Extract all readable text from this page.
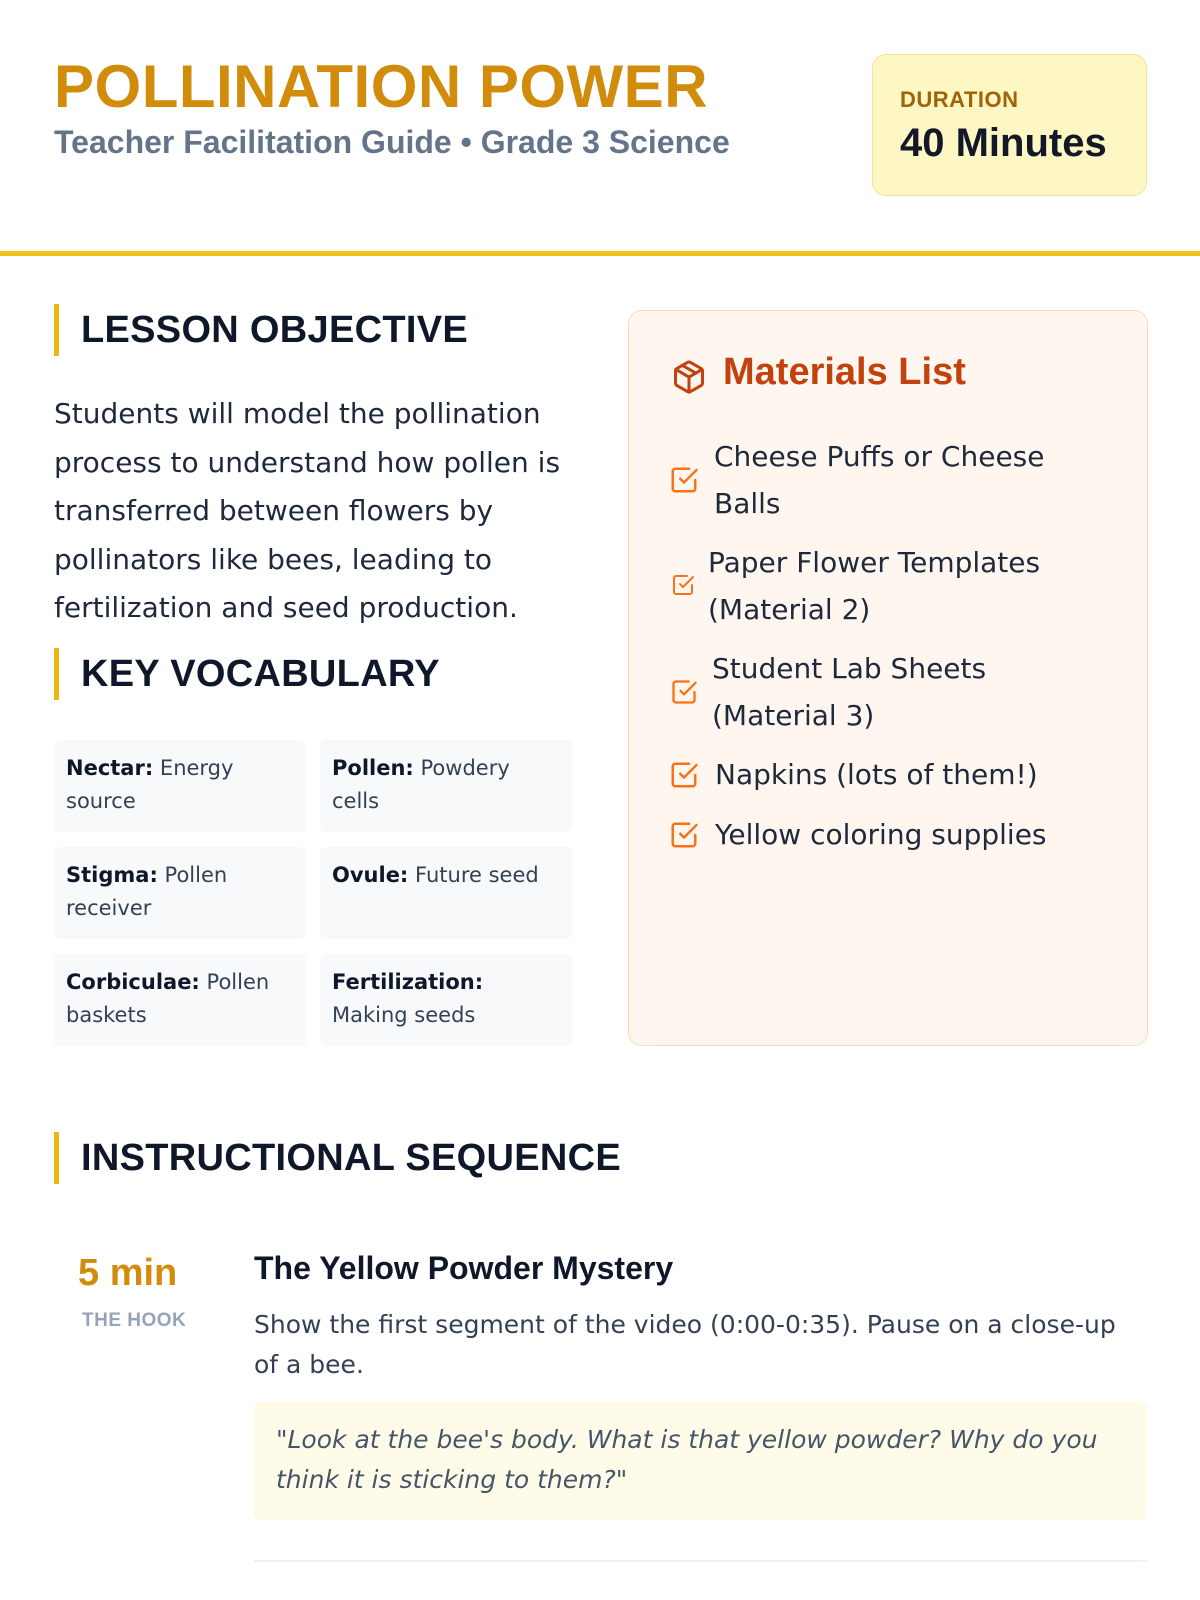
POLLINATION POWER
Teacher Facilitation Guide • Grade 3 Science
DURATION
40 Minutes
LESSON OBJECTIVE
Students will model the pollination process to understand how pollen is transferred between flowers by pollinators like bees, leading to fertilization and seed production.
KEY VOCABULARY
Nectar: Energy source
Pollen: Powdery cells
Stigma: Pollen receiver
Ovule: Future seed
Corbiculae: Pollen baskets
Fertilization: Making seeds
Materials List
Cheese Puffs or Cheese Balls
Paper Flower Templates (Material 2)
Student Lab Sheets (Material 3)
Napkins (lots of them!)
Yellow coloring supplies
INSTRUCTIONAL SEQUENCE
5 min
THE HOOK
The Yellow Powder Mystery
Show the first segment of the video (0:00-0:35). Pause on a close-up of a bee.
"Look at the bee's body. What is that yellow powder? Why do you think it is sticking to them?"
